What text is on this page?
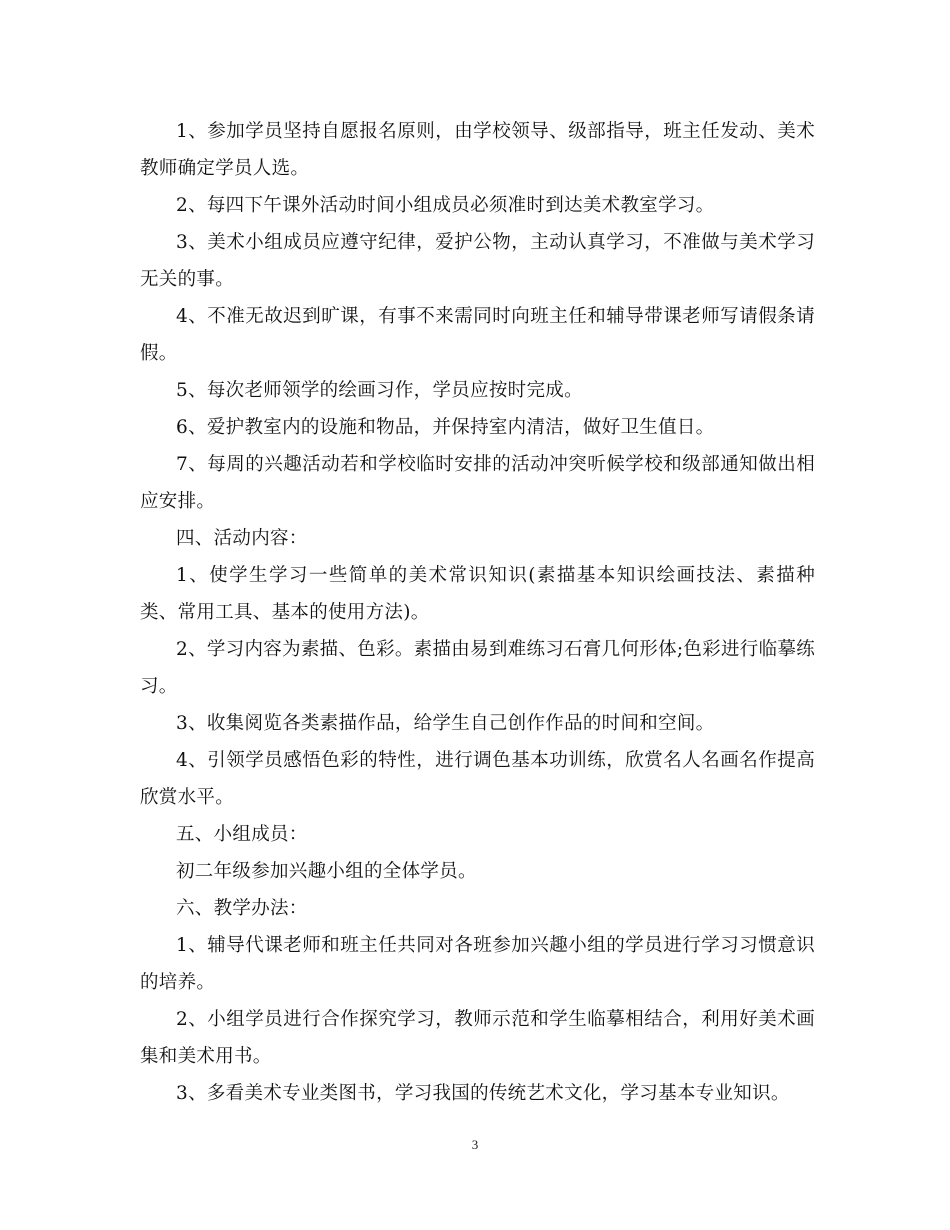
1、参加学员坚持自愿报名原则，由学校领导、级部指导，班主任发动、美术教师确定学员人选。

2、每四下午课外活动时间小组成员必须准时到达美术教室学习。

3、美术小组成员应遵守纪律，爱护公物，主动认真学习，不准做与美术学习无关的事。

4、不准无故迟到旷课，有事不来需同时向班主任和辅导带课老师写请假条请假。

5、每次老师领学的绘画习作，学员应按时完成。

6、爱护教室内的设施和物品，并保持室内清洁，做好卫生值日。

7、每周的兴趣活动若和学校临时安排的活动冲突听候学校和级部通知做出相应安排。

四、活动内容：

1、使学生学习一些简单的美术常识知识(素描基本知识绘画技法、素描种类、常用工具、基本的使用方法)。

2、学习内容为素描、色彩。素描由易到难练习石膏几何形体;色彩进行临摹练习。

3、收集阅览各类素描作品，给学生自己创作作品的时间和空间。

4、引领学员感悟色彩的特性，进行调色基本功训练，欣赏名人名画名作提高欣赏水平。

五、小组成员：

初二年级参加兴趣小组的全体学员。

六、教学办法：

1、辅导代课老师和班主任共同对各班参加兴趣小组的学员进行学习习惯意识的培养。

2、小组学员进行合作探究学习，教师示范和学生临摹相结合，利用好美术画集和美术用书。

3、多看美术专业类图书，学习我国的传统艺术文化，学习基本专业知识。

3
